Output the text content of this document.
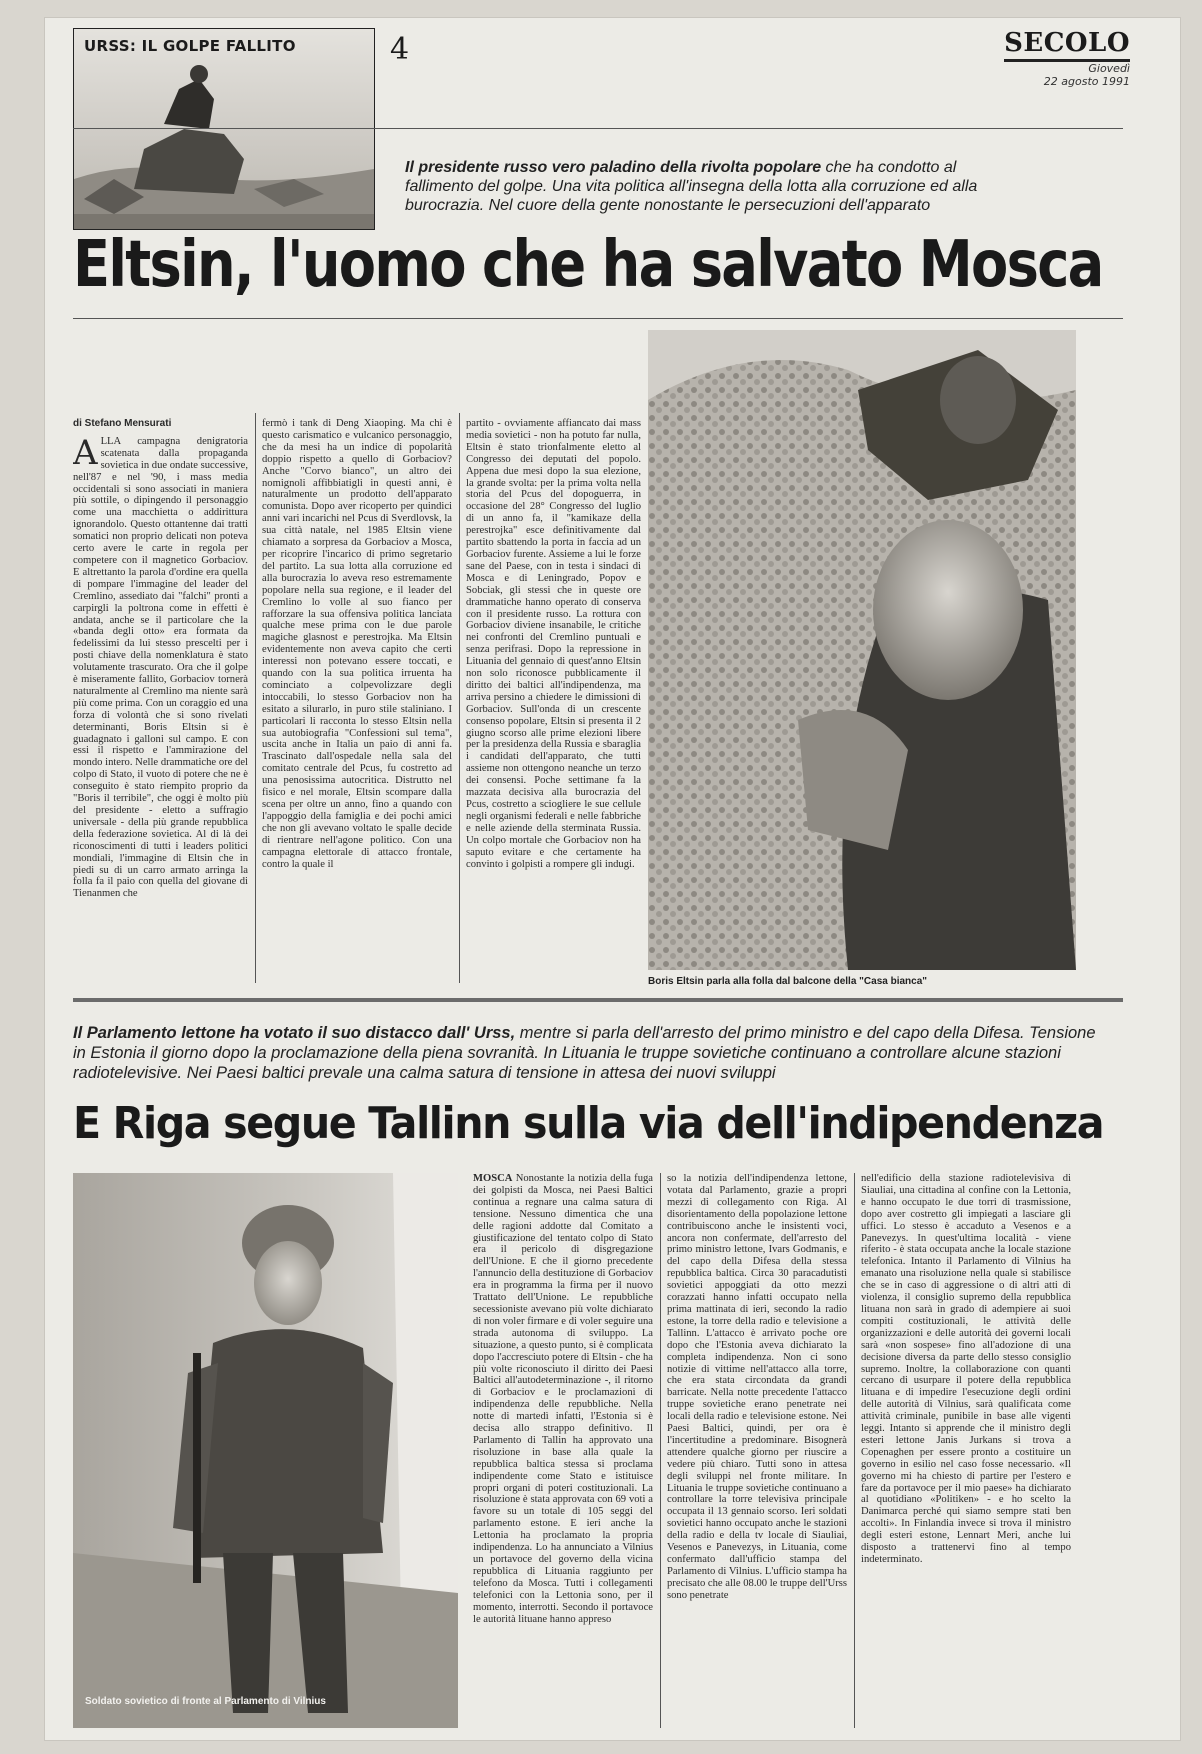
URSS: IL GOLPE FALLITO	4	SECOLO
Giovedì
22 agosto 1991
Il presidente russo vero paladino della rivolta popolare che ha condotto al fallimento del golpe. Una vita politica all'insegna della lotta alla corruzione ed alla burocrazia. Nel cuore della gente nonostante le persecuzioni dell'apparato
Eltsin, l'uomo che ha salvato Mosca
di Stefano Mensurati
A LLA campagna denigratoria scatenata dalla propaganda sovietica in due ondate successive, nell'87 e nel '90, i mass media occidentali si sono associati in maniera più sottile, o dipingendo il personaggio come una macchietta o addirittura ignorandolo. Questo ottantenne dai tratti somatici non proprio delicati non poteva certo avere le carte in regola per competere con il magnetico Gorbaciov. E altrettanto la parola d'ordine era quella di pompare l'immagine del leader del Cremlino, assediato dai "falchi" pronti a carpirgli la poltrona come in effetti è andata, anche se il particolare che la «banda degli otto» era formata da fedelissimi da lui stesso prescelti per i posti chiave della nomenklatura è stato volutamente trascurato. Ora che il golpe è miseramente fallito, Gorbaciov tornerà naturalmente al Cremlino ma niente sarà più come prima. Con un coraggio ed una forza di volontà che si sono rivelati determinanti, Boris Eltsin si è guadagnato i galloni sul campo. E con essi il rispetto e l'ammirazione del mondo intero. Nelle drammatiche ore del colpo di Stato, il vuoto di potere che ne è conseguito è stato riempito proprio da "Boris il terribile", che oggi è molto più del presidente - eletto a suffragio universale - della più grande repubblica della federazione sovietica. Al di là dei riconoscimenti di tutti i leaders politici mondiali, l'immagine di Eltsin che in piedi su di un carro armato arringa la folla fa il paio con quella del giovane di Tienanmen che
fermò i tank di Deng Xiaoping. Ma chi è questo carismatico e vulcanico personaggio, che da mesi ha un indice di popolarità doppio rispetto a quello di Gorbaciov? Anche "Corvo bianco", un altro dei nomignoli affibbiatigli in questi anni, è naturalmente un prodotto dell'apparato comunista. Dopo aver ricoperto per quindici anni vari incarichi nel Pcus di Sverdlovsk, la sua città natale, nel 1985 Eltsin viene chiamato a sorpresa da Gorbaciov a Mosca, per ricoprire l'incarico di primo segretario del partito. La sua lotta alla corruzione ed alla burocrazia lo aveva reso estremamente popolare nella sua regione, e il leader del Cremlino lo volle al suo fianco per rafforzare la sua offensiva politica lanciata qualche mese prima con le due parole magiche glasnost e perestrojka. Ma Eltsin evidentemente non aveva capito che certi interessi non potevano essere toccati, e quando con la sua politica irruenta ha cominciato a colpevolizzare degli intoccabili, lo stesso Gorbaciov non ha esitato a silurarlo, in puro stile staliniano. I particolari li racconta lo stesso Eltsin nella sua autobiografia "Confessioni sul tema", uscita anche in Italia un paio di anni fa. Trascinato dall'ospedale nella sala del comitato centrale del Pcus, fu costretto ad una penosissima autocritica. Distrutto nel fisico e nel morale, Eltsin scompare dalla scena per oltre un anno, fino a quando con l'appoggio della famiglia e dei pochi amici che non gli avevano voltato le spalle decide di rientrare nell'agone politico. Con una campagna elettorale di attacco frontale, contro la quale il
partito - ovviamente affiancato dai mass media sovietici - non ha potuto far nulla, Eltsin è stato trionfalmente eletto al Congresso dei deputati del popolo. Appena due mesi dopo la sua elezione, la grande svolta: per la prima volta nella storia del Pcus del dopoguerra, in occasione del 28° Congresso del luglio di un anno fa, il "kamikaze della perestrojka" esce definitivamente dal partito sbattendo la porta in faccia ad un Gorbaciov furente. Assieme a lui le forze sane del Paese, con in testa i sindaci di Mosca e di Leningrado, Popov e Sobciak, gli stessi che in queste ore drammatiche hanno operato di conserva con il presidente russo. La rottura con Gorbaciov diviene insanabile, le critiche nei confronti del Cremlino puntuali e senza perifrasi. Dopo la repressione in Lituania del gennaio di quest'anno Eltsin non solo riconosce pubblicamente il diritto dei baltici all'indipendenza, ma arriva persino a chiedere le dimissioni di Gorbaciov. Sull'onda di un crescente consenso popolare, Eltsin si presenta il 2 giugno scorso alle prime elezioni libere per la presidenza della Russia e sbaraglia i candidati dell'apparato, che tutti assieme non ottengono neanche un terzo dei consensi. Poche settimane fa la mazzata decisiva alla burocrazia del Pcus, costretto a sciogliere le sue cellule negli organismi federali e nelle fabbriche e nelle aziende della sterminata Russia. Un colpo mortale che Gorbaciov non ha saputo evitare e che certamente ha convinto i golpisti a rompere gli indugi.
Boris Eltsin parla alla folla dal balcone della "Casa bianca"
Il Parlamento lettone ha votato il suo distacco dall' Urss, mentre si parla dell'arresto del primo ministro e del capo della Difesa. Tensione in Estonia il giorno dopo la proclamazione della piena sovranità. In Lituania le truppe sovietiche continuano a controllare alcune stazioni radiotelevisive. Nei Paesi baltici prevale una calma satura di tensione in attesa dei nuovi sviluppi
E Riga segue Tallinn sulla via dell'indipendenza
Soldato sovietico di fronte al Parlamento di Vilnius
MOSCA Nonostante la notizia della fuga dei golpisti da Mosca, nei Paesi Baltici continua a regnare una calma satura di tensione. Nessuno dimentica che una delle ragioni addotte dal Comitato a giustificazione del tentato colpo di Stato era il pericolo di disgregazione dell'Unione. E che il giorno precedente l'annuncio della destituzione di Gorbaciov era in programma la firma per il nuovo Trattato dell'Unione. Le repubbliche secessioniste avevano più volte dichiarato di non voler firmare e di voler seguire una strada autonoma di sviluppo. La situazione, a questo punto, si è complicata dopo l'accresciuto potere di Eltsin - che ha più volte riconosciuto il diritto dei Paesi Baltici all'autodeterminazione -, il ritorno di Gorbaciov e le proclamazioni di indipendenza delle repubbliche. Nella notte di martedì infatti, l'Estonia si è decisa allo strappo definitivo. Il Parlamento di Tallin ha approvato una risoluzione in base alla quale la repubblica baltica stessa si proclama indipendente come Stato e istituisce propri organi di poteri costituzionali. La risoluzione è stata approvata con 69 voti a favore su un totale di 105 seggi del parlamento estone. E ieri anche la Lettonia ha proclamato la propria indipendenza. Lo ha annunciato a Vilnius un portavoce del governo della vicina repubblica di Lituania raggiunto per telefono da Mosca. Tutti i collegamenti telefonici con la Lettonia sono, per il momento, interrotti. Secondo il portavoce le autorità lituane hanno appreso
so la notizia dell'indipendenza lettone, votata dal Parlamento, grazie a propri mezzi di collegamento con Riga. Al disorientamento della popolazione lettone contribuiscono anche le insistenti voci, ancora non confermate, dell'arresto del primo ministro lettone, Ivars Godmanis, e del capo della Difesa della stessa repubblica baltica. Circa 30 paracadutisti sovietici appoggiati da otto mezzi corazzati hanno infatti occupato nella prima mattinata di ieri, secondo la radio estone, la torre della radio e televisione a Tallinn. L'attacco è arrivato poche ore dopo che l'Estonia aveva dichiarato la completa indipendenza. Non ci sono notizie di vittime nell'attacco alla torre, che era stata circondata da grandi barricate. Nella notte precedente l'attacco truppe sovietiche erano penetrate nei locali della radio e televisione estone. Nei Paesi Baltici, quindi, per ora è l'incertitudine a predominare. Bisognerà attendere qualche giorno per riuscire a vedere più chiaro. Tutti sono in attesa degli sviluppi nel fronte militare. In Lituania le truppe sovietiche continuano a controllare la torre televisiva principale occupata il 13 gennaio scorso. Ieri soldati sovietici hanno occupato anche le stazioni della radio e della tv locale di Siauliai, Vesenos e Panevezys, in Lituania, come confermato dall'ufficio stampa del Parlamento di Vilnius. L'ufficio stampa ha precisato che alle 08.00 le truppe dell'Urss sono penetrate
nell'edificio della stazione radiotelevisiva di Siauliai, una cittadina al confine con la Lettonia, e hanno occupato le due torri di trasmissione, dopo aver costretto gli impiegati a lasciare gli uffici. Lo stesso è accaduto a Vesenos e a Panevezys. In quest'ultima località - viene riferito - è stata occupata anche la locale stazione telefonica. Intanto il Parlamento di Vilnius ha emanato una risoluzione nella quale si stabilisce che se in caso di aggressione o di altri atti di violenza, il consiglio supremo della repubblica lituana non sarà in grado di adempiere ai suoi compiti costituzionali, le attività delle organizzazioni e delle autorità dei governi locali sarà «non sospese» fino all'adozione di una decisione diversa da parte dello stesso consiglio supremo. Inoltre, la collaborazione con quanti cercano di usurpare il potere della repubblica lituana e di impedire l'esecuzione degli ordini delle autorità di Vilnius, sarà qualificata come attività criminale, punibile in base alle vigenti leggi. Intanto si apprende che il ministro degli esteri lettone Janis Jurkans si trova a Copenaghen per essere pronto a costituire un governo in esilio nel caso fosse necessario. «Il governo mi ha chiesto di partire per l'estero e fare da portavoce per il mio paese» ha dichiarato al quotidiano «Politiken» - e ho scelto la Danimarca perché qui siamo sempre stati ben accolti». In Finlandia invece si trova il ministro degli esteri estone, Lennart Meri, anche lui disposto a trattenervi fino al tempo indeterminato.
